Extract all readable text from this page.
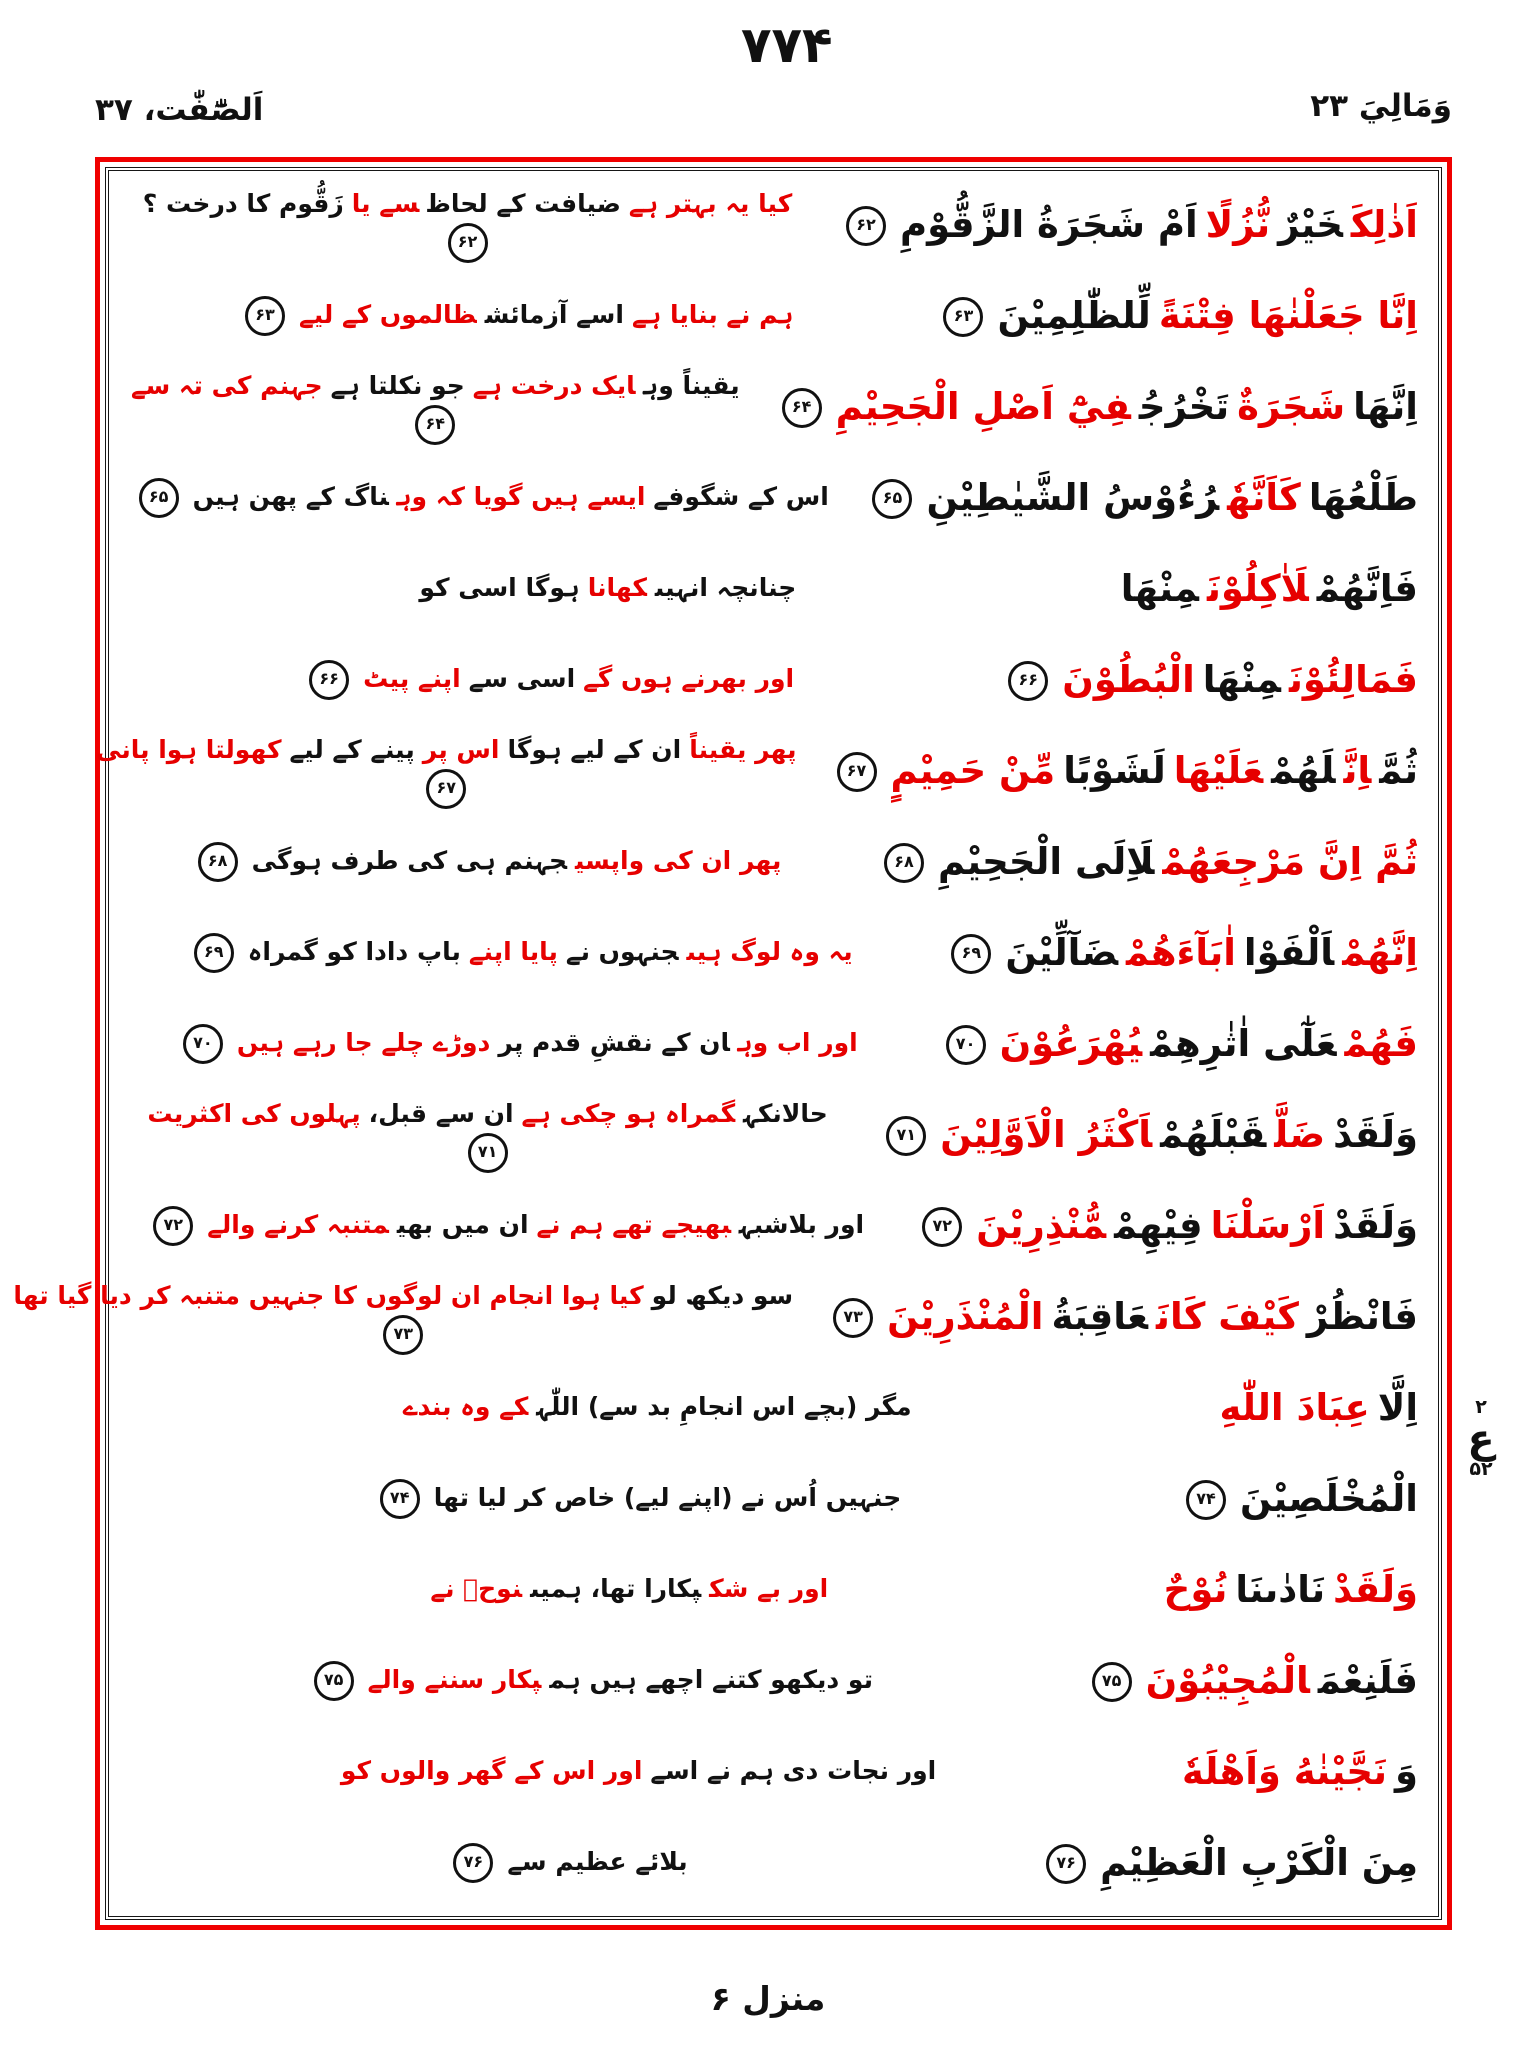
اَلصّٰٓفّٰت، ۳۷
۷۷۴
وَمَالِيَ ۲۳
اَذٰلِكَخَيْرٌنُّزُلًااَمْ شَجَرَةُ الزَّقُّوْمِ۶۲
کیا یہ بہتر ہےضیافت کے لحاظسے یازَقُّوم کا درخت ؟۶۲
اِنَّا جَعَلْنٰهَا فِتْنَةًلِّلظّٰلِمِيْنَ۶۳
ہم نے بنایا ہےاسے آزمائشظالموں کے لیے۶۳
اِنَّهَاشَجَرَةٌتَخْرُجُفِيْٓ اَصْلِ الْجَحِيْمِ۶۴
یقیناً وہایک درخت ہےجو نکلتا ہےجہنم کی تہ سے۶۴
طَلْعُهَاكَاَنَّهٗرُءُوْسُ الشَّيٰطِيْنِ۶۵
اس کے شگوفےایسے ہیں گویا کہ وہناگ کے پھن ہیں۶۵
فَاِنَّهُمْلَاٰكِلُوْنَمِنْهَا
چنانچہ انہیںکھاناہوگا اسی کو
فَمَالِئُوْنَمِنْهَاالْبُطُوْنَ۶۶
اور بھرنے ہوں گےاسی سےاپنے پیٹ۶۶
ثُمَّاِنَّلَهُمْعَلَيْهَالَشَوْبًامِّنْ حَمِيْمٍ۶۷
پھر یقیناًان کے لیے ہوگااس پرپینے کے لیےکھولتا ہوا پانی۶۷
ثُمَّ اِنَّ مَرْجِعَهُمْلَاِلَى الْجَحِيْمِ۶۸
پھر ان کی واپسیجہنم ہی کی طرف ہوگی۶۸
اِنَّهُمْاَلْفَوْااٰبَآءَهُمْضَآلِّيْنَ۶۹
یہ وہ لوگ ہیںجنہوں نےپایا اپنےباپ دادا کو گمراہ۶۹
فَهُمْعَلٰٓى اٰثٰرِهِمْيُهْرَعُوْنَ۷۰
اور اب وہان کے نقشِ قدم پردوڑے چلے جا رہے ہیں۷۰
وَلَقَدْضَلَّقَبْلَهُمْاَكْثَرُ الْاَوَّلِيْنَ۷۱
حالانکہگمراہ ہو چکی ہےان سے قبل،پہلوں کی اکثریت۷۱
وَلَقَدْاَرْسَلْنَافِيْهِمْمُّنْذِرِيْنَ۷۲
اور بلاشبہبھیجے تھے ہم نےان میں بھیمتنبہ کرنے والے۷۲
فَانْظُرْكَيْفَ كَانَعَاقِبَةُالْمُنْذَرِيْنَ۷۳
سو دیکھ لوکیا ہوا انجام ان لوگوں کا جنہیں متنبہ کر دیا گیا تھا۷۳
اِلَّاعِبَادَ اللّٰهِ
مگر (بچے اس انجامِ بد سے) اللّٰہکے وہ بندے
الْمُخْلَصِيْنَ۷۴
جنہیں اُس نے (اپنے لیے) خاص کر لیا تھا۷۴
وَلَقَدْنَادٰىنَانُوْحٌ
اور بے شکپکارا تھا، ہمیںنوحؑ نے
فَلَنِعْمَالْمُجِيْبُوْنَ۷۵
تو دیکھو کتنے اچھے ہیں ہمپکار سننے والے۷۵
وَنَجَّيْنٰهُ وَاَهْلَهٗ
اور نجات دی ہم نے اسےاور اس کے گھر والوں کو
مِنَ الْكَرْبِ الْعَظِيْمِ۷۶
بلائے عظیم سے۷۶
۲
ع
۵۲
منزل ۶
